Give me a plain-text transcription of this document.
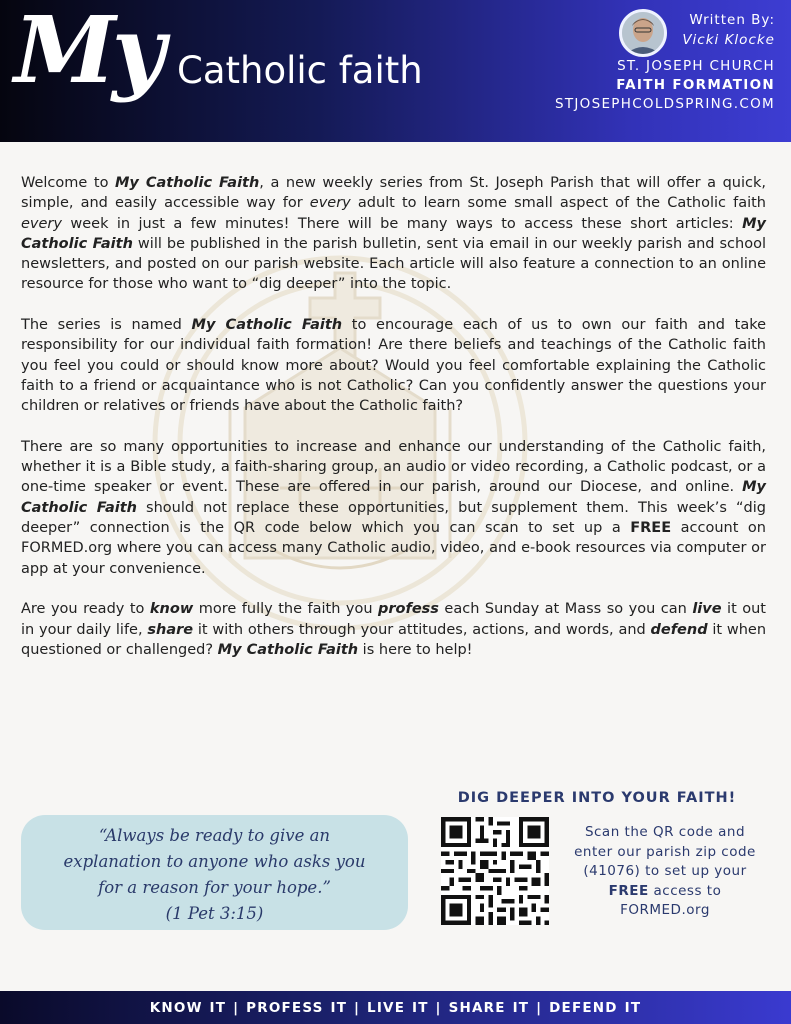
My Catholic faith
Written By:
Vicki Klocke
ST. JOSEPH CHURCH
FAITH FORMATION
STJOSEPHCOLDSPRING.COM

Welcome to My Catholic Faith, a new weekly series from St. Joseph Parish that will offer a quick, simple, and easily accessible way for every adult to learn some small aspect of the Catholic faith every week in just a few minutes! There will be many ways to access these short articles: My Catholic Faith will be published in the parish bulletin, sent via email in our weekly parish and school newsletters, and posted on our parish website. Each article will also feature a connection to an online resource for those who want to “dig deeper” into the topic.

The series is named My Catholic Faith to encourage each of us to own our faith and take responsibility for our individual faith formation! Are there beliefs and teachings of the Catholic faith you feel you could or should know more about? Would you feel comfortable explaining the Catholic faith to a friend or acquaintance who is not Catholic? Can you confidently answer the questions your children or relatives or friends have about the Catholic faith?

There are so many opportunities to increase and enhance our understanding of the Catholic faith, whether it is a Bible study, a faith-sharing group, an audio or video recording, a Catholic podcast, or a one-time speaker or event. These are offered in our parish, around our Diocese, and online. My Catholic Faith should not replace these opportunities, but supplement them. This week’s “dig deeper” connection is the QR code below which you can scan to set up a FREE account on FORMED.org where you can access many Catholic audio, video, and e-book resources via computer or app at your convenience.

Are you ready to know more fully the faith you profess each Sunday at Mass so you can live it out in your daily life, share it with others through your attitudes, actions, and words, and defend it when questioned or challenged? My Catholic Faith is here to help!

“Always be ready to give an
explanation to anyone who asks you
for a reason for your hope.”
(1 Pet 3:15)
DIG DEEPER INTO YOUR FAITH!
Scan the QR code and enter our parish zip code (41076) to set up your FREE access to FORMED.org
KNOW IT | PROFESS IT | LIVE IT | SHARE IT | DEFEND IT
